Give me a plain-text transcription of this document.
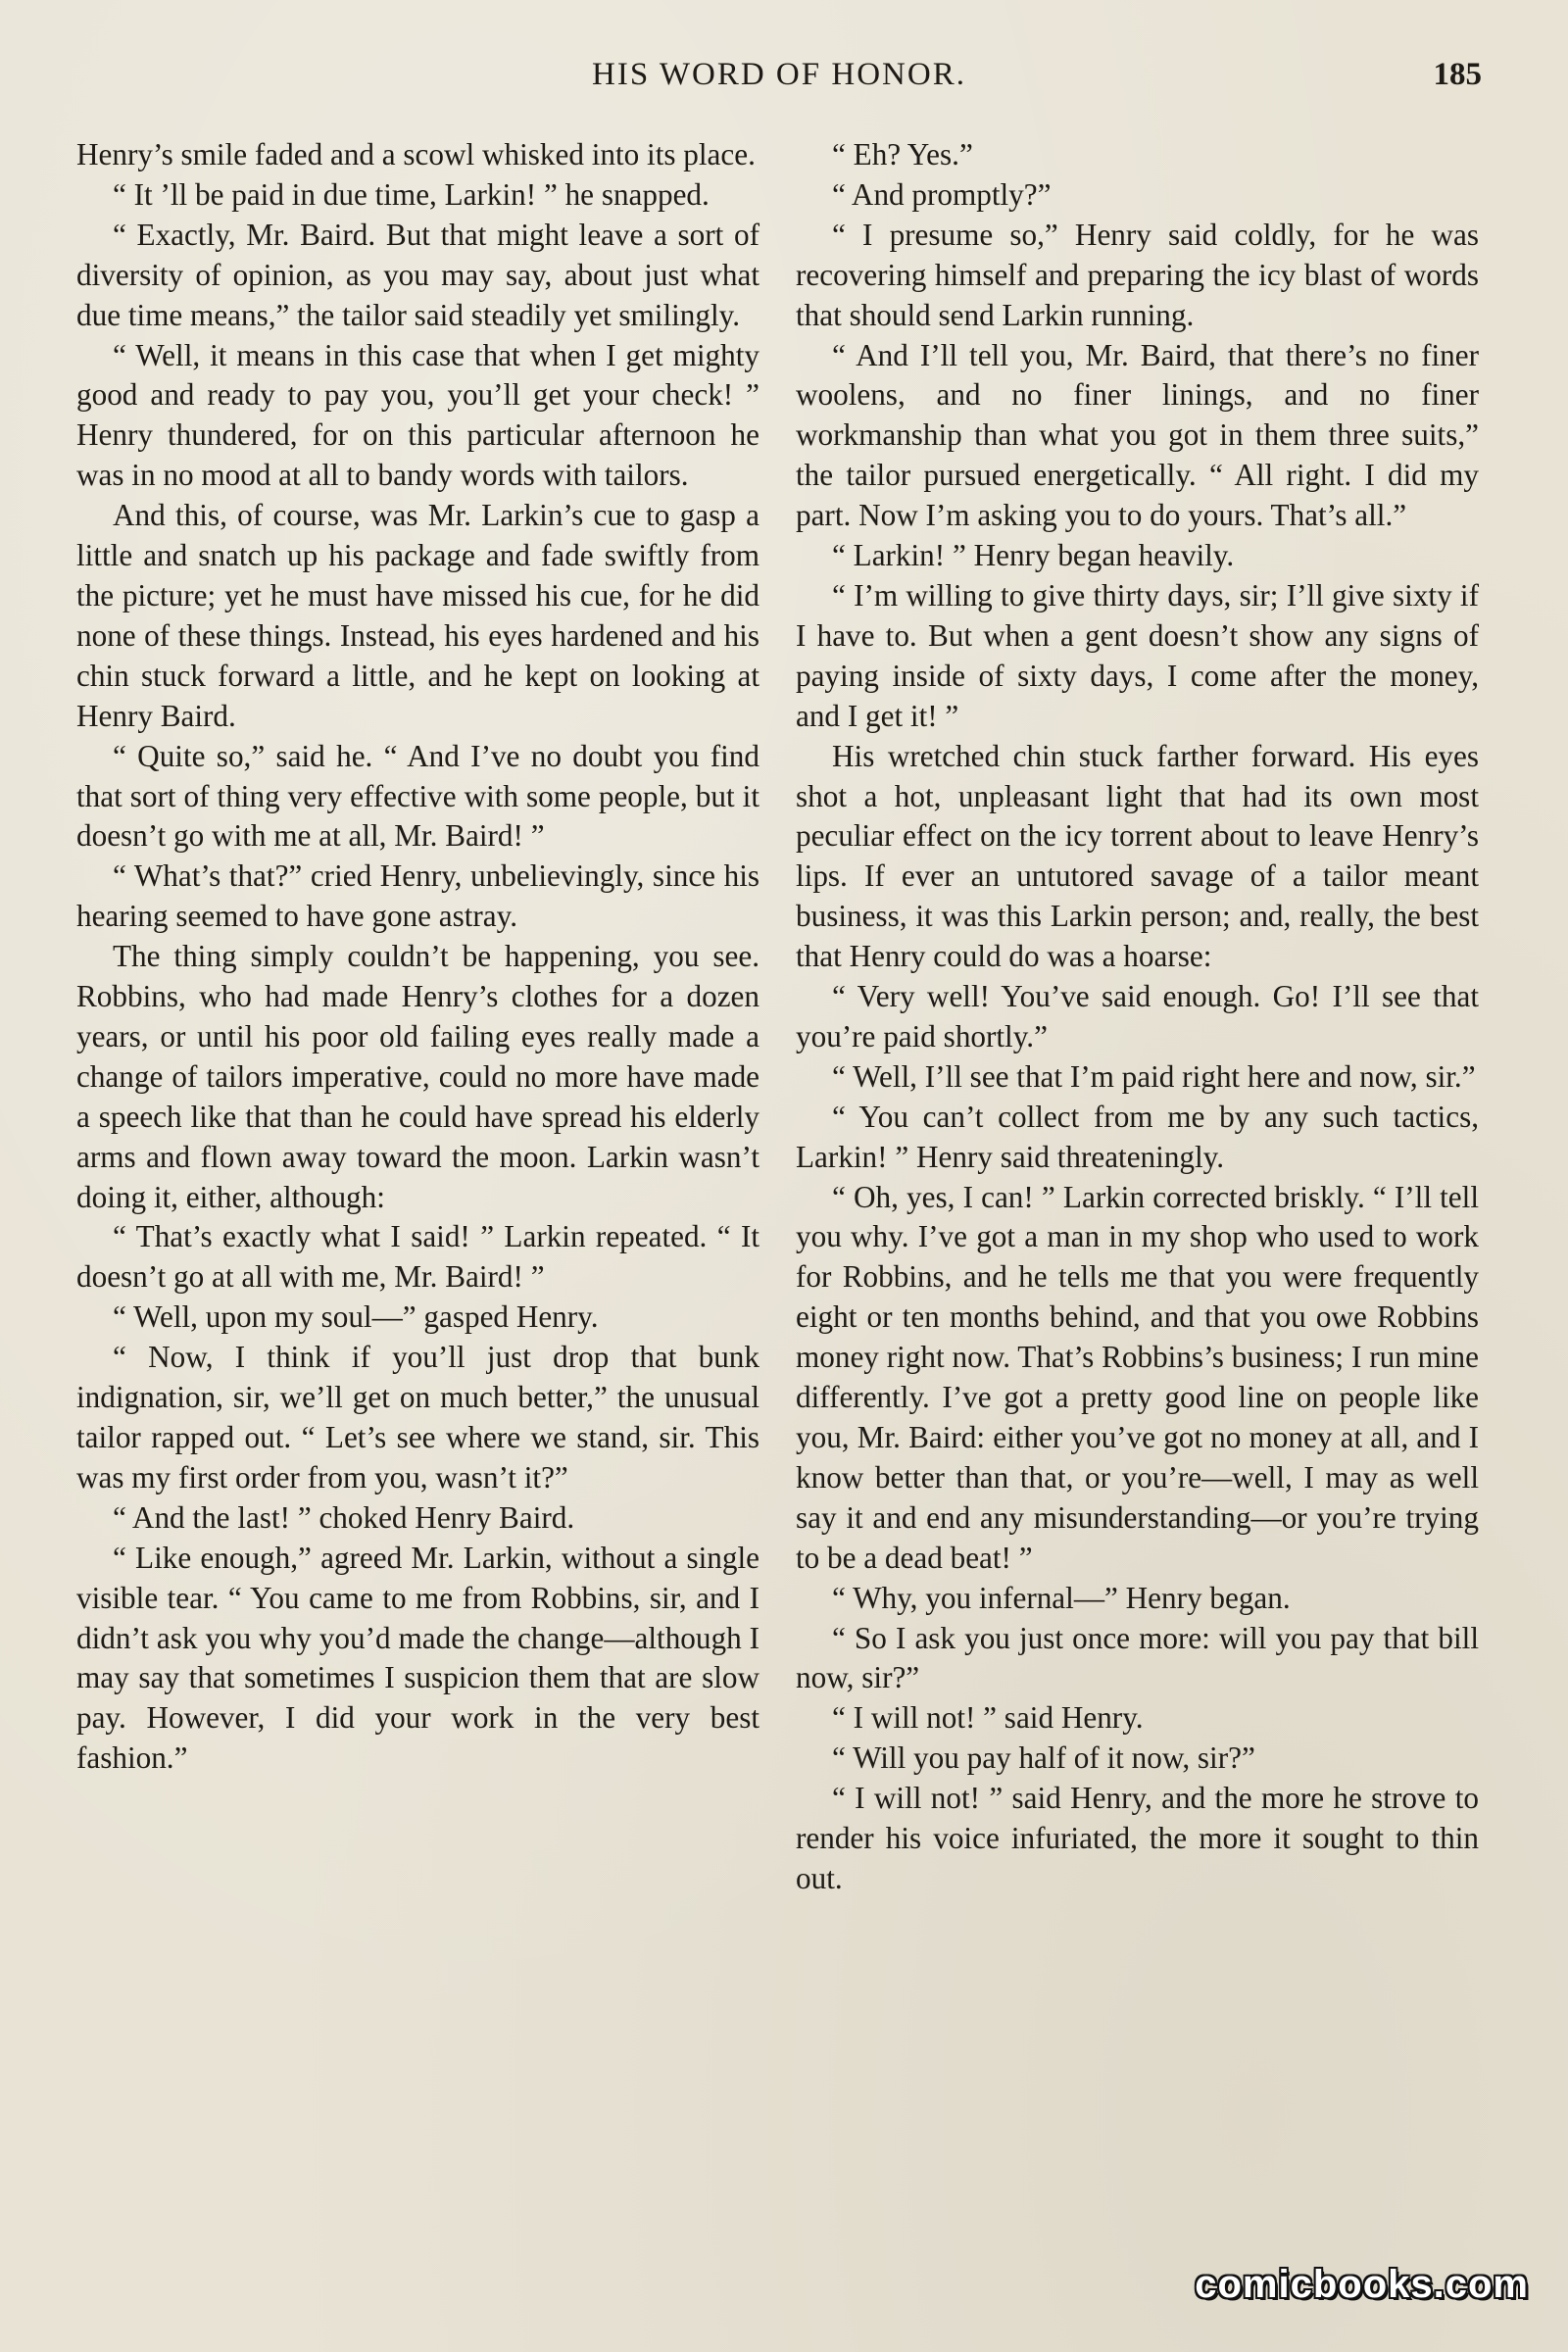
HIS WORD OF HONOR.	185

Henry’s smile faded and a scowl whisked into its place.

“ It ’ll be paid in due time, Larkin! ” he snapped.

“ Exactly, Mr. Baird. But that might leave a sort of diversity of opinion, as you may say, about just what due time means,” the tailor said steadily yet smilingly.

“ Well, it means in this case that when I get mighty good and ready to pay you, you’ll get your check! ” Henry thundered, for on this particular afternoon he was in no mood at all to bandy words with tailors.

And this, of course, was Mr. Larkin’s cue to gasp a little and snatch up his package and fade swiftly from the picture; yet he must have missed his cue, for he did none of these things. Instead, his eyes hardened and his chin stuck forward a little, and he kept on looking at Henry Baird.

“ Quite so,” said he. “ And I’ve no doubt you find that sort of thing very effective with some people, but it doesn’t go with me at all, Mr. Baird! ”

“ What’s that?” cried Henry, unbelievingly, since his hearing seemed to have gone astray.

The thing simply couldn’t be happening, you see. Robbins, who had made Henry’s clothes for a dozen years, or until his poor old failing eyes really made a change of tailors imperative, could no more have made a speech like that than he could have spread his elderly arms and flown away toward the moon. Larkin wasn’t doing it, either, although:

“ That’s exactly what I said! ” Larkin repeated. “ It doesn’t go at all with me, Mr. Baird! ”

“ Well, upon my soul—” gasped Henry.

“ Now, I think if you’ll just drop that bunk indignation, sir, we’ll get on much better,” the unusual tailor rapped out. “ Let’s see where we stand, sir. This was my first order from you, wasn’t it?”

“ And the last! ” choked Henry Baird.

“ Like enough,” agreed Mr. Larkin, without a single visible tear. “ You came to me from Robbins, sir, and I didn’t ask you why you’d made the change—although I may say that sometimes I suspicion them that are slow pay. However, I did your work in the very best fashion.”

“ Eh? Yes.”

“ And promptly?”

“ I presume so,” Henry said coldly, for he was recovering himself and preparing the icy blast of words that should send Larkin running.

“ And I’ll tell you, Mr. Baird, that there’s no finer woolens, and no finer linings, and no finer workmanship than what you got in them three suits,” the tailor pursued energetically. “ All right. I did my part. Now I’m asking you to do yours. That’s all.”

“ Larkin! ” Henry began heavily.

“ I’m willing to give thirty days, sir; I’ll give sixty if I have to. But when a gent doesn’t show any signs of paying inside of sixty days, I come after the money, and I get it! ”

His wretched chin stuck farther forward. His eyes shot a hot, unpleasant light that had its own most peculiar effect on the icy torrent about to leave Henry’s lips. If ever an untutored savage of a tailor meant business, it was this Larkin person; and, really, the best that Henry could do was a hoarse:

“ Very well! You’ve said enough. Go! I’ll see that you’re paid shortly.”

“ Well, I’ll see that I’m paid right here and now, sir.”

“ You can’t collect from me by any such tactics, Larkin! ” Henry said threateningly.

“ Oh, yes, I can! ” Larkin corrected briskly. “ I’ll tell you why. I’ve got a man in my shop who used to work for Robbins, and he tells me that you were frequently eight or ten months behind, and that you owe Robbins money right now. That’s Robbins’s business; I run mine differently. I’ve got a pretty good line on people like you, Mr. Baird: either you’ve got no money at all, and I know better than that, or you’re—well, I may as well say it and end any misunderstanding—or you’re trying to be a dead beat! ”

“ Why, you infernal—” Henry began.

“ So I ask you just once more: will you pay that bill now, sir?”

“ I will not! ” said Henry.

“ Will you pay half of it now, sir?”

“ I will not! ” said Henry, and the more he strove to render his voice infuriated, the more it sought to thin out.

comicbooks.com
